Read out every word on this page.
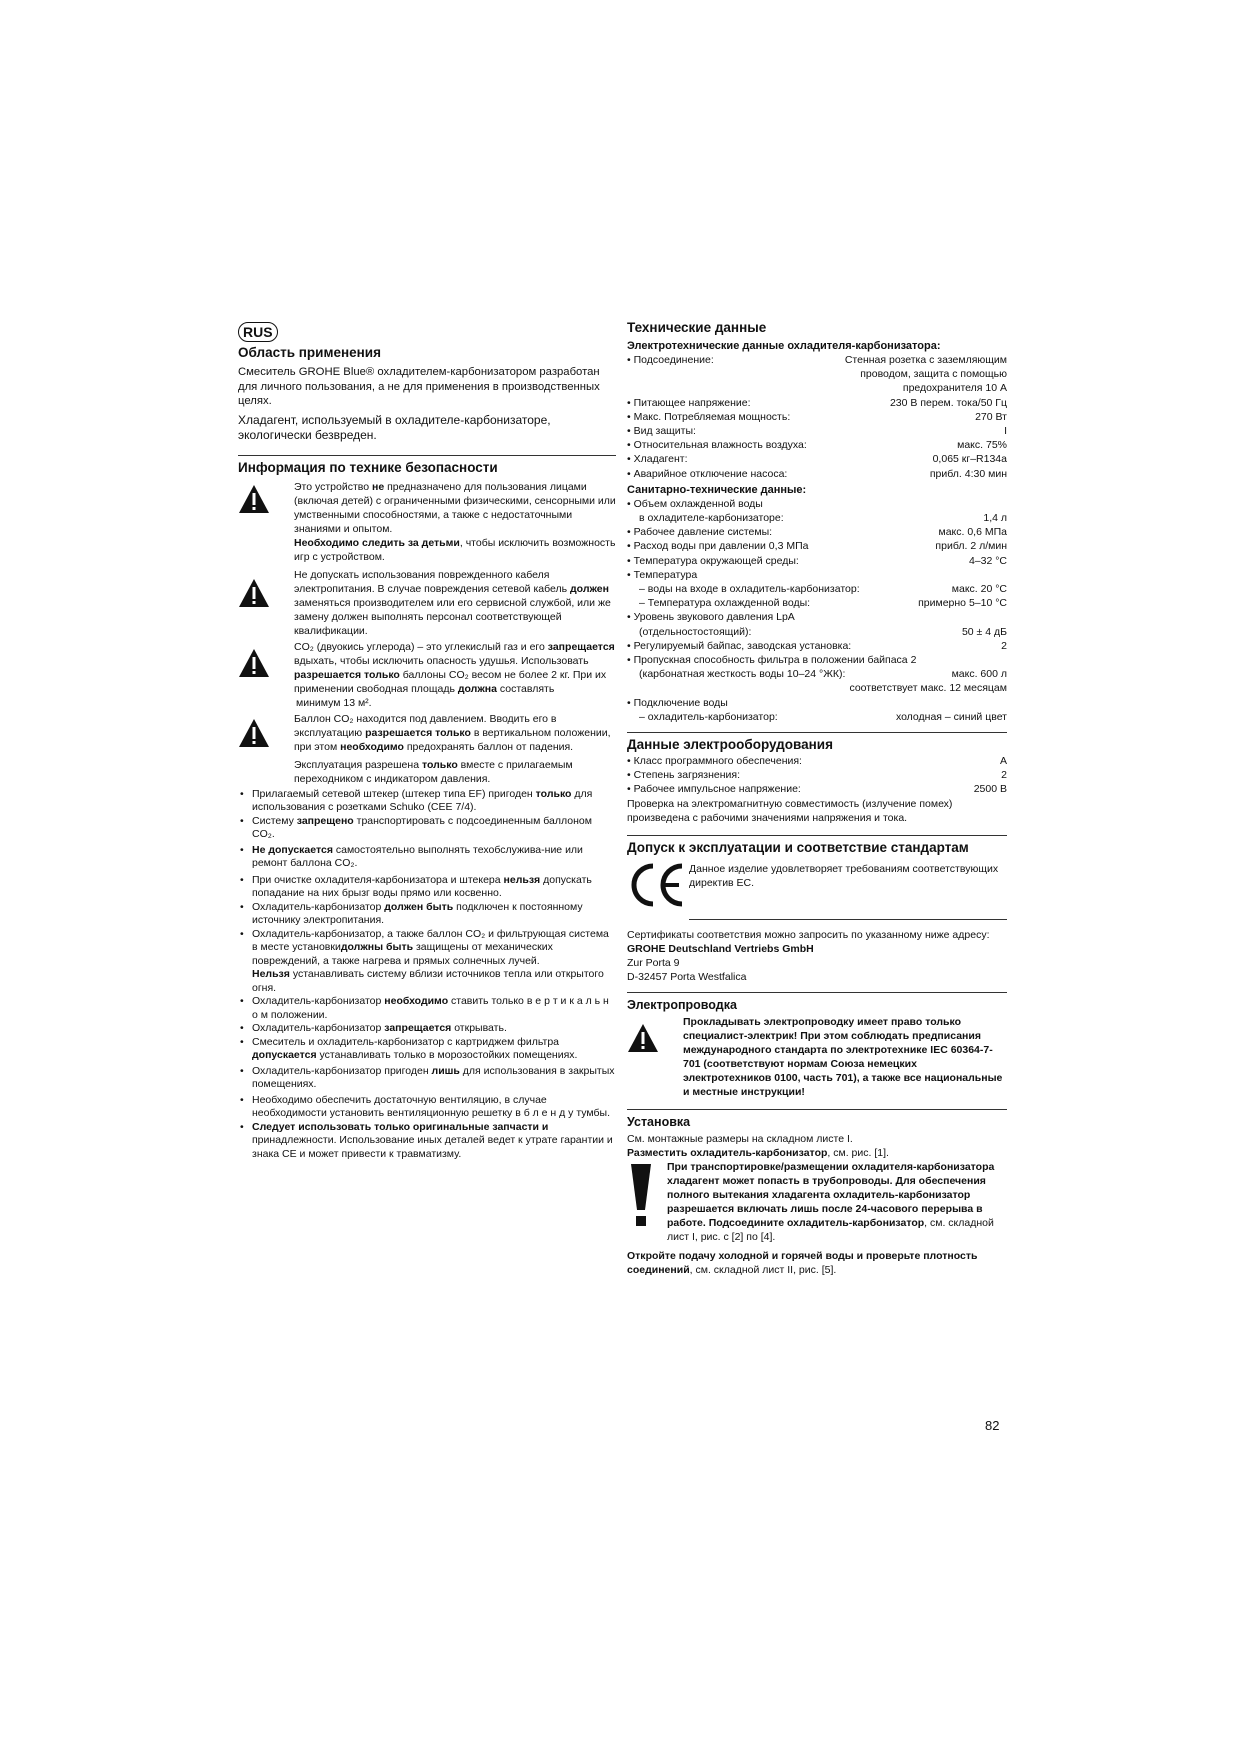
RUS
Область применения

Смеситель GROHE Blue® охладителем-карбонизатором разработан для личного пользования, а не для применения в производственных целях.

Хладагент, используемый в охладителе-карбонизаторе, экологически безвреден.

Информация по технике безопасности
Это устройство не предназначено для пользования лицами (включая детей) с ограниченными физическими, сенсорными или умственными способностями, а также с недостаточными знаниями и опытом.
Необходимо следить за детьми, чтобы исключить возможность игр с устройством.
Не допускать использования поврежденного кабеля электропитания. В случае повреждения сетевой кабель должен заменяться производителем или его сервисной службой, или же замену должен выполнять персонал соответствующей квалификации.
CO₂ (двуокись углерода) – это углекислый газ и его запрещается вдыхать, чтобы исключить опасность удушья. Использовать разрешается только баллоны CO₂ весом не более 2 кг. При их применении свободная площадь должна составлять
минимум 13 м².
Баллон CO₂ находится под давлением. Вводить его в эксплуатацию разрешается только в вертикальном положении, при этом необходимо предохранять баллон от падения.
Эксплуатация разрешена только вместе с прилагаемым переходником с индикатором давления.
• Прилагаемый сетевой штекер (штекер типа EF) пригоден только для использования с розетками Schuko (CEE 7/4).
• Систему запрещено транспортировать с подсоединенным баллоном CO₂.
• Не допускается самостоятельно выполнять техобслужива-ние или ремонт баллона CO₂.
• При очистке охладителя-карбонизатора и штекера нельзя допускать попадание на них брызг воды прямо или косвенно.
• Охладитель-карбонизатор должен быть подключен к постоянному источнику электропитания.
• Охладитель-карбонизатор, а также баллон CO₂ и фильтрующая система в месте установкидолжны быть защищены от механических повреждений, а также нагрева и прямых солнечных лучей.
Нельзя устанавливать систему вблизи источников тепла или открытого огня.
• Охладитель-карбонизатор необходимо ставить только в е р т и к а л ь н о м положении.
• Охладитель-карбонизатор запрещается открывать.
• Смеситель и охладитель-карбонизатор с картриджем фильтра допускается устанавливать только в морозостойких помещениях.
• Охладитель-карбонизатор пригоден лишь для использования в закрытых помещениях.
• Необходимо обеспечить достаточную вентиляцию, в случае необходимости установить вентиляционную решетку в б л е н д у тумбы.
• Следует использовать только оригинальные запчасти и принадлежности. Использование иных деталей ведет к утрате гарантии и знака CE и может привести к травматизму.
Технические данные
Электротехнические данные охладителя-карбонизатора:
• Подсоединение:	Стенная розетка с заземляющим
проводом, защита с помощью
предохранителя 10 А
• Питающее напряжение:	230 В перем. тока/50 Гц
• Макс. Потребляемая мощность:	270 Вт
• Вид защиты:	I
• Относительная влажность воздуха:	макс. 75%
• Хладагент:	0,065 кг–R134a
• Аварийное отключение насоса:	прибл. 4:30 мин
Санитарно-технические данные:
• Объем охлажденной воды
в охладителе-карбонизаторе:	1,4 л
• Рабочее давление системы:	макс. 0,6 МПа
• Расход воды при давлении 0,3 МПа	прибл. 2 л/мин
• Температура окружающей среды:	4–32 °С
• Температура
– воды на входе в охладитель-карбонизатор:	макс. 20 °С
– Температура охлажденной воды:	примерно 5–10 °С
• Уровень звукового давления LpA
(отдельностостоящий):	50 ± 4 дБ
• Регулируемый байпас, заводская установка:	2
• Пропускная способность фильтра в положении байпаса 2
(карбонатная жесткость воды 10–24 °ЖК):	макс. 600 л
соответствует макс. 12 месяцам
• Подключение воды
– охладитель-карбонизатор:	холодная – синий цвет
Данные электрооборудования
• Класс программного обеспечения:	A
• Степень загрязнения:	2
• Рабочее импульсное напряжение:	2500 В

Проверка на электромагнитную совместимость (излучение помех) произведена с рабочими значениями напряжения и тока.

Допуск к эксплуатации и соответствие стандартам

Данное изделие удовлетворяет требованиям соответствующих директив ЕС.

Сертификаты соответствия можно запросить по указанному ниже адресу:

GROHE Deutschland Vertriebs GmbH

Zur Porta 9

D-32457 Porta Westfalica

Электропроводка
Прокладывать электропроводку имеет право только специалист-электрик! При этом соблюдать предписания международного стандарта по электротехнике IEC 60364-7-701 (соответствуют нормам Союза немецких электротехников 0100, часть 701), а также все национальные и местные инструкции!
Установка

См. монтажные размеры на складном листе I.

Разместить охладитель-карбонизатор, см. рис. [1].

При транспортировке/размещении охладителя-карбонизатора хладагент может попасть в трубопроводы. Для обеспечения полного вытекания хладагента охладитель-карбонизатор разрешается включать лишь после 24-часового перерыва в работе. Подсоедините охладитель-карбонизатор, см. складной лист I, рис. с [2] по [4].

Откройте подачу холодной и горячей воды и проверьте плотность соединений, см. складной лист II, рис. [5].

82
